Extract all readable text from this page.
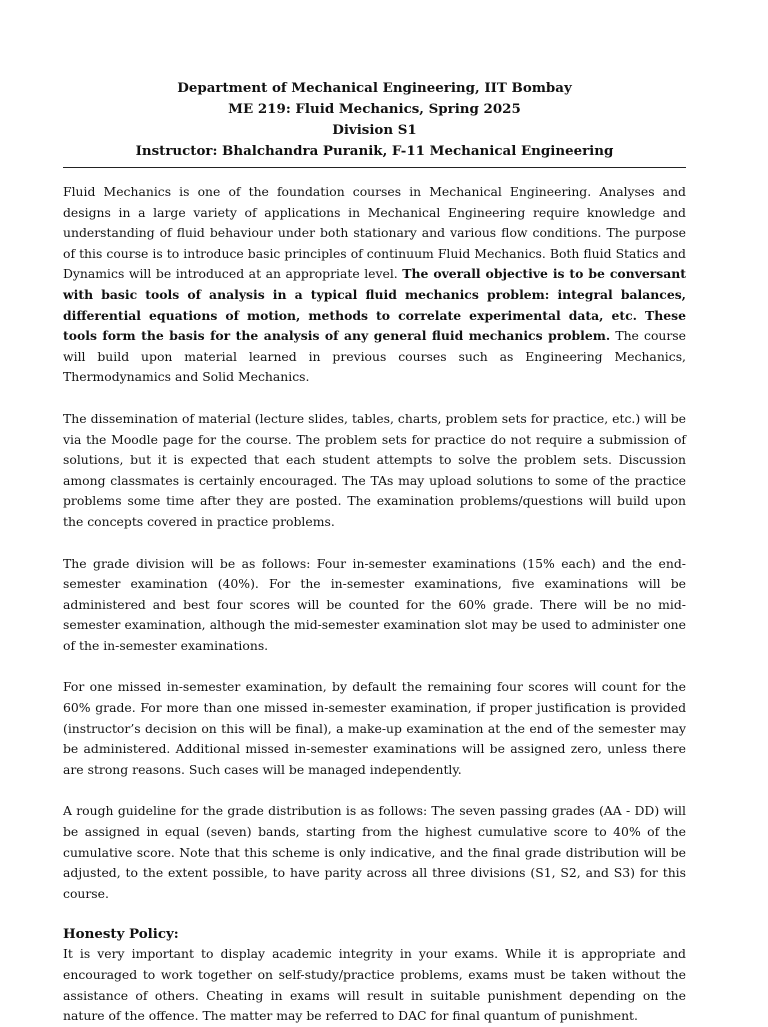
Department of Mechanical Engineering, IIT Bombay
ME 219: Fluid Mechanics, Spring 2025
Division S1
Instructor: Bhalchandra Puranik, F-11 Mechanical Engineering

Fluid Mechanics is one of the foundation courses in Mechanical Engineering. Analyses and designs in a large variety of applications in Mechanical Engineering require knowledge and understanding of fluid behaviour under both stationary and various flow conditions. The purpose of this course is to introduce basic principles of continuum Fluid Mechanics. Both fluid Statics and Dynamics will be introduced at an appropriate level. The overall objective is to be conversant with basic tools of analysis in a typical fluid mechanics problem: integral balances, differential equations of motion, methods to correlate experimental data, etc. These tools form the basis for the analysis of any general fluid mechanics problem. The course will build upon material learned in previous courses such as Engineering Mechanics, Thermodynamics and Solid Mechanics.

The dissemination of material (lecture slides, tables, charts, problem sets for practice, etc.) will be via the Moodle page for the course. The problem sets for practice do not require a submission of solutions, but it is expected that each student attempts to solve the problem sets. Discussion among classmates is certainly encouraged. The TAs may upload solutions to some of the practice problems some time after they are posted. The examination problems/questions will build upon the concepts covered in practice problems.

The grade division will be as follows: Four in-semester examinations (15% each) and the end-semester examination (40%). For the in-semester examinations, five examinations will be administered and best four scores will be counted for the 60% grade. There will be no mid-semester examination, although the mid-semester examination slot may be used to administer one of the in-semester examinations.

For one missed in-semester examination, by default the remaining four scores will count for the 60% grade. For more than one missed in-semester examination, if proper justification is provided (instructor’s decision on this will be final), a make-up examination at the end of the semester may be administered. Additional missed in-semester examinations will be assigned zero, unless there are strong reasons. Such cases will be managed independently.

A rough guideline for the grade distribution is as follows: The seven passing grades (AA - DD) will be assigned in equal (seven) bands, starting from the highest cumulative score to 40% of the cumulative score. Note that this scheme is only indicative, and the final grade distribution will be adjusted, to the extent possible, to have parity across all three divisions (S1, S2, and S3) for this course.

Honesty Policy:

It is very important to display academic integrity in your exams. While it is appropriate and encouraged to work together on self-study/practice problems, exams must be taken without the assistance of others. Cheating in exams will result in suitable punishment depending on the nature of the offence. The matter may be referred to DAC for final quantum of punishment.
